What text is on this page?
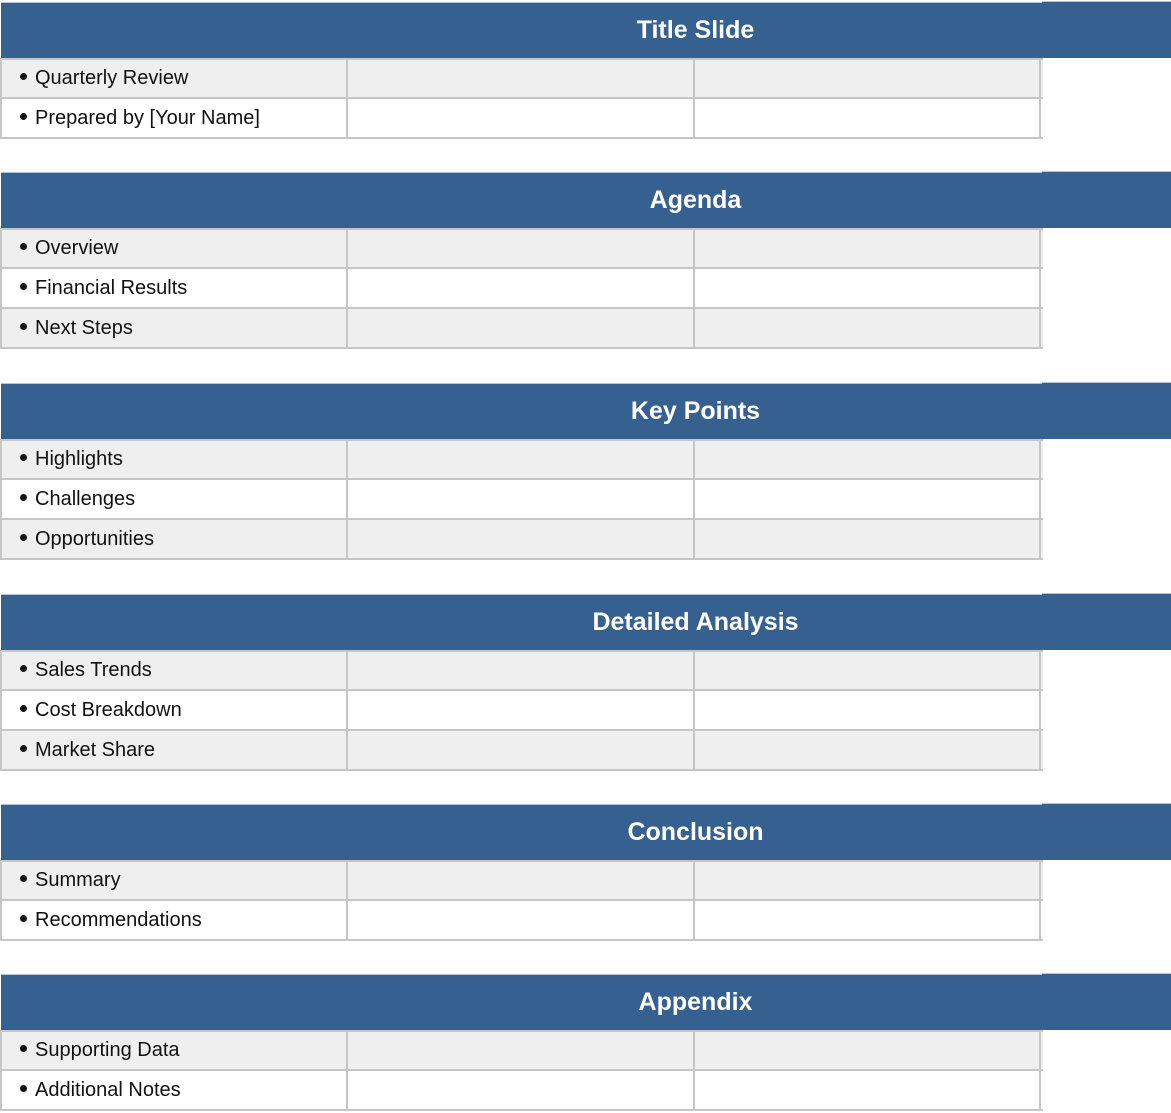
Title Slide
Quarterly Review
Prepared by [Your Name]
Agenda
Overview
Financial Results
Next Steps
Key Points
Highlights
Challenges
Opportunities
Detailed Analysis
Sales Trends
Cost Breakdown
Market Share
Conclusion
Summary
Recommendations
Appendix
Supporting Data
Additional Notes
